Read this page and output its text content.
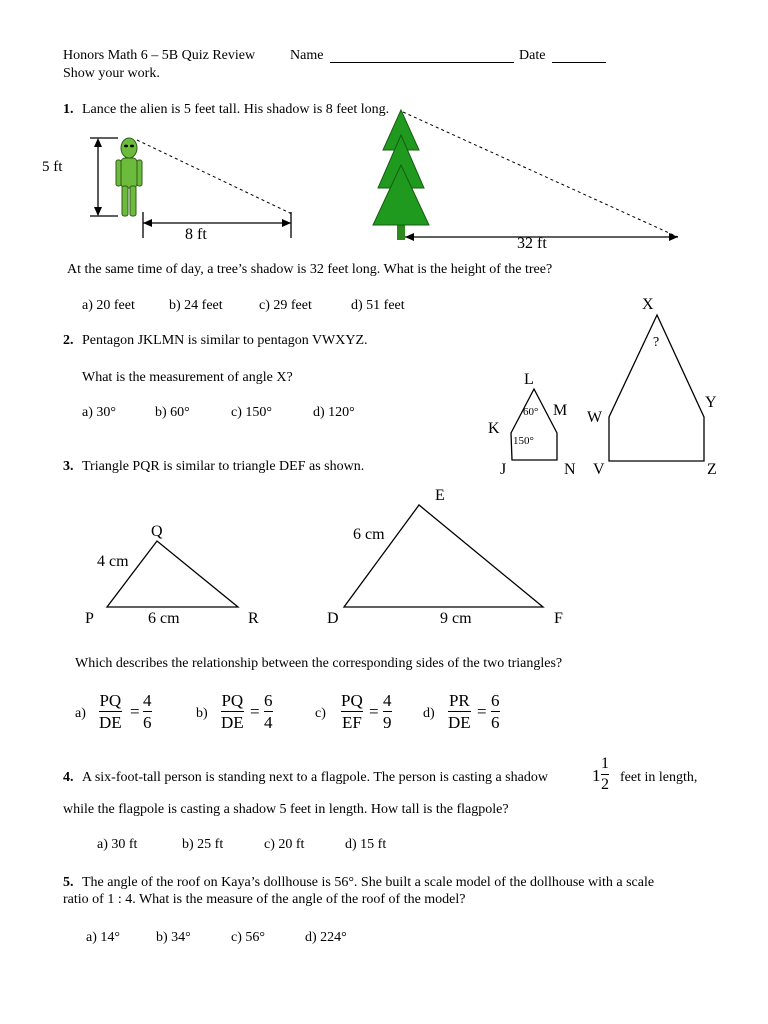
Honors Math 6 – 5B Quiz Review Name	Date
Show your work.
1. Lance the alien is 5 feet tall. His shadow is 8 feet long.
5 ft
8 ft
32 ft
At the same time of day, a tree’s shadow is 32 feet long. What is the height of the tree?
a) 20 feet b) 24 feet	c) 29 feet	d) 51 feet
2. Pentagon JKLMN is similar to pentagon VWXYZ.
What is the measurement of angle X?
a) 30°	b) 60°	c) 150°	d) 120°
L
M
K
J	N
60°
150°
X
Y
W
V	Z
?
3. Triangle PQR is similar to triangle DEF as shown.
Q
P	R
4 cm
6 cm
E
D	F
6 cm
9 cm
Which describes the relationship between the corresponding sides of the two triangles?
a)
PQ
DE
=
4
6	b)
PQ
DE
=
6
4	c)
PQ
EF
=
4
9 d)
PR
DE
=
6
6
4. A six-foot-tall person is standing next to a flagpole. The person is casting a shadow	1
1
2 feet in length,
while the flagpole is casting a shadow 5 feet in length. How tall is the flagpole?
a) 30 ft	b) 25 ft	c) 20 ft	d) 15 ft
5. The angle of the roof on Kaya’s dollhouse is 56°. She built a scale model of the dollhouse with a scale
ratio of 1 : 4. What is the measure of the angle of the roof of the model?
a) 14°	b) 34°	c) 56°	d) 224°
